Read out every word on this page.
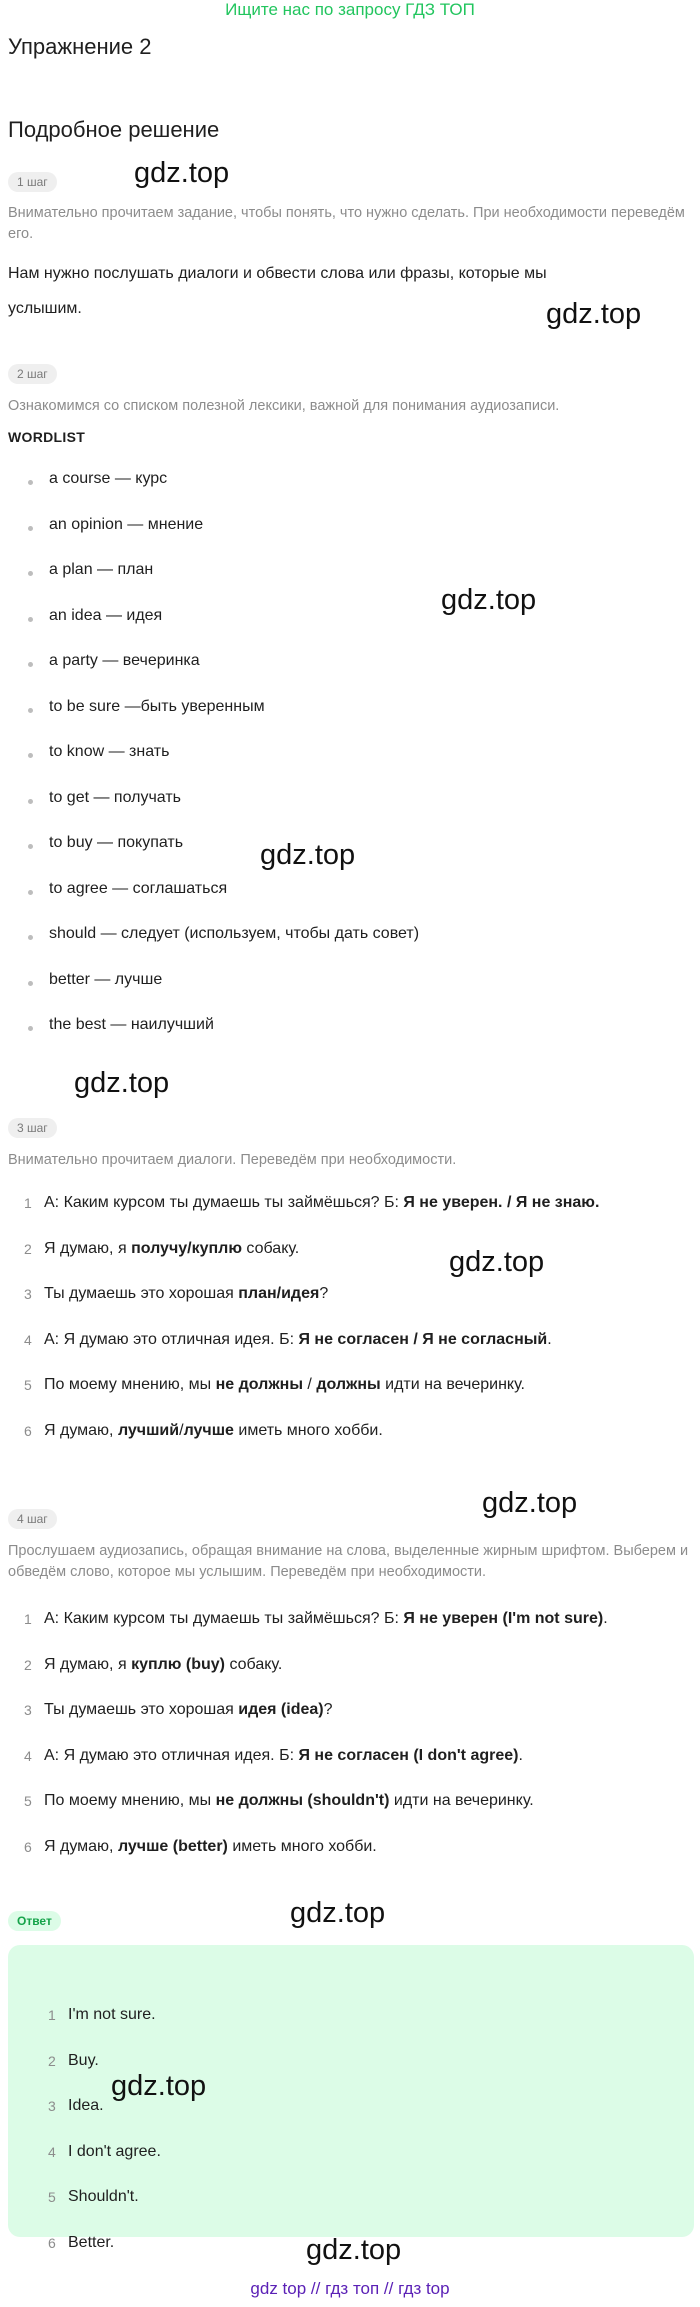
Ищите нас по запросу ГДЗ ТОП
Упражнение 2
Подробное решение
1 шаг
Внимательно прочитаем задание, чтобы понять, что нужно сделать. При необходимости переведём его.
Нам нужно послушать диалоги и обвести слова или фразы, которые мы услышим.
2 шаг
Ознакомимся со списком полезной лексики, важной для понимания аудиозаписи.
WORDLIST
a course — курс
an opinion — мнение
a plan — план
an idea — идея
a party — вечеринка
to be sure —быть уверенным
to know — знать
to get — получать
to buy — покупать
to agree — соглашаться
should — следует (используем, чтобы дать совет)
better — лучше
the best — наилучший
3 шаг
Внимательно прочитаем диалоги. Переведём при необходимости.
1 А: Каким курсом ты думаешь ты займёшься? Б: Я не уверен. / Я не знаю.
2 Я думаю, я получу/куплю собаку.
3 Ты думаешь это хорошая план/идея?
4 А: Я думаю это отличная идея. Б: Я не согласен / Я не согласный.
5 По моему мнению, мы не должны / должны идти на вечеринку.
6 Я думаю, лучший/лучше иметь много хобби.
4 шаг
Прослушаем аудиозапись, обращая внимание на слова, выделенные жирным шрифтом. Выберем и обведём слово, которое мы услышим. Переведём при необходимости.
1 А: Каким курсом ты думаешь ты займёшься? Б: Я не уверен (I'm not sure).
2 Я думаю, я куплю (buy) собаку.
3 Ты думаешь это хорошая идея (idea)?
4 А: Я думаю это отличная идея. Б: Я не согласен (I don't agree).
5 По моему мнению, мы не должны (shouldn't) идти на вечеринку.
6 Я думаю, лучше (better) иметь много хобби.
Ответ
1 I'm not sure.
2 Buy.
3 Idea.
4 I don't agree.
5 Shouldn't.
6 Better.
gdz.top
gdz.top
gdz.top
gdz.top
gdz.top
gdz.top
gdz.top
gdz.top
gdz.top
gdz.top
gdz top // гдз топ // гдз top
